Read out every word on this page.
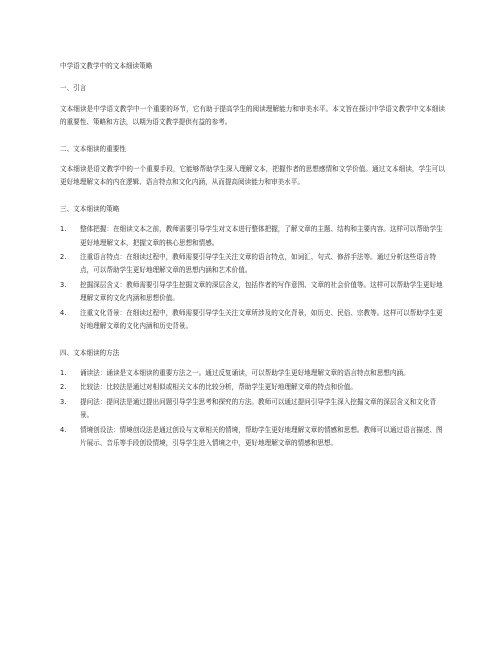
中学语文教学中的文本细读策略

一、引言

文本细读是中学语文教学中一个重要的环节，它有助于提高学生的阅读理解能力和审美水平。本文旨在探讨中学语文教学中文本细读的重要性、策略和方法，以期为语文教学提供有益的参考。

二、文本细读的重要性

文本细读是语文教学中的一个重要手段，它能够帮助学生深入理解文本，把握作者的思想感情和文学价值。通过文本细读，学生可以更好地理解文本的内在逻辑、语言特点和文化内涵，从而提高阅读能力和审美水平。

三、文本细读的策略

1. 整体把握：在细读文本之前，教师需要引导学生对文本进行整体把握，了解文章的主题、结构和主要内容。这样可以帮助学生更好地理解文本，把握文章的核心思想和情感。
2. 注重语言特点：在细读过程中，教师需要引导学生关注文章的语言特点，如词汇、句式、修辞手法等。通过分析这些语言特点，可以帮助学生更好地理解文章的思想内涵和艺术价值。
3. 挖掘深层含义：教师需要引导学生挖掘文章的深层含义，包括作者的写作意图、文章的社会价值等。这样可以帮助学生更好地理解文章的文化内涵和思想价值。
4. 注重文化背景：在细读过程中，教师需要引导学生关注文章所涉及的文化背景，如历史、民俗、宗教等。这样可以帮助学生更好地理解文章的文化内涵和历史背景。

四、文本细读的方法

1. 诵读法：诵读是文本细读的重要方法之一。通过反复诵读，可以帮助学生更好地理解文章的语言特点和思想内涵。
2. 比较法：比较法是通过对相似或相关文本的比较分析，帮助学生更好地理解文章的特点和价值。
3. 提问法：提问法是通过提出问题引导学生思考和探究的方法。教师可以通过提问引导学生深入挖掘文章的深层含义和文化背景。
4. 情境创设法：情境创设法是通过创设与文章相关的情境，帮助学生更好地理解文章的情感和思想。教师可以通过语言描述、图片展示、音乐等手段创设情境，引导学生进入情境之中，更好地理解文章的情感和思想。
